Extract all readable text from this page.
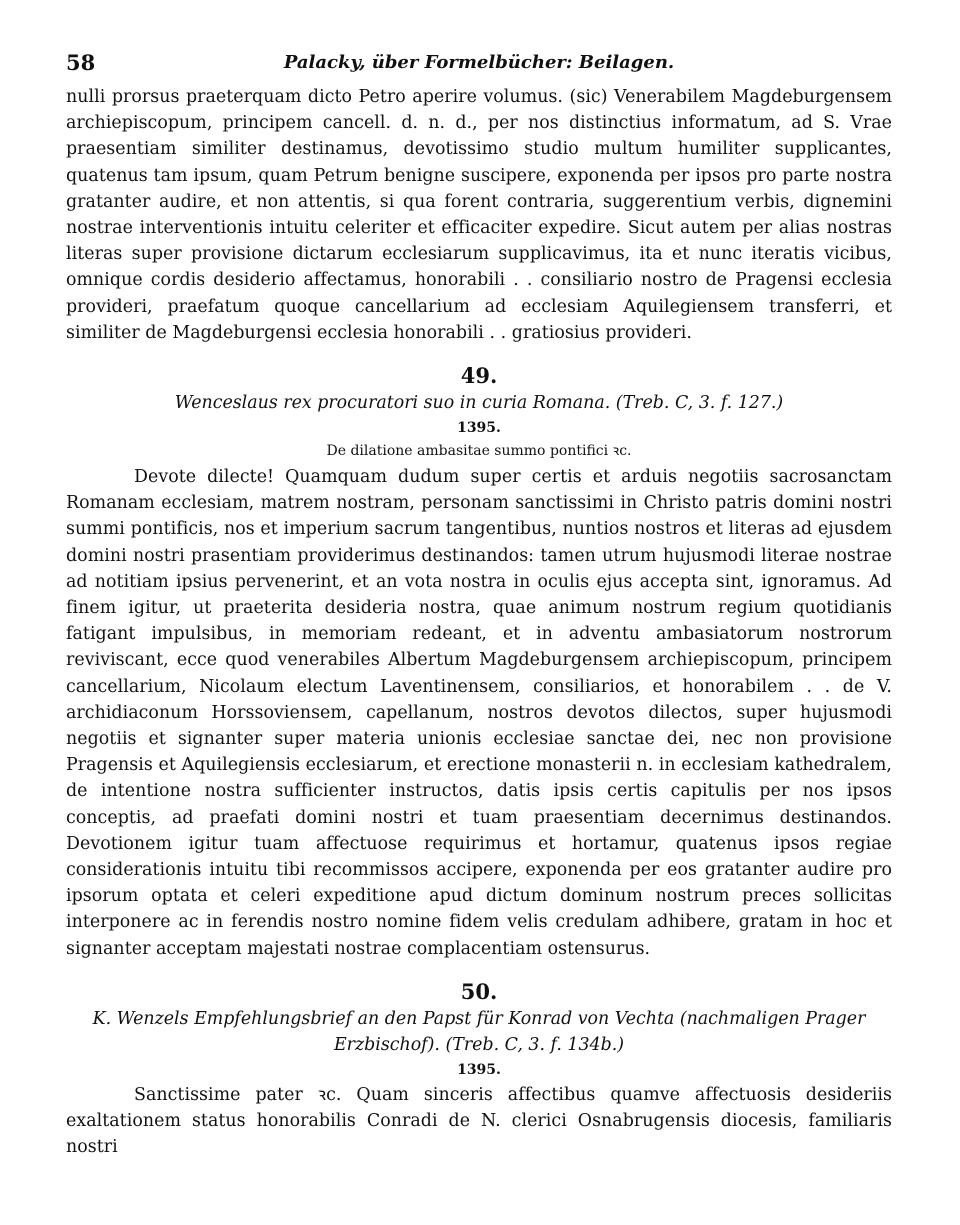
58	Palacky, über Formelbücher: Beilagen.

nulli prorsus praeterquam dicto Petro aperire volumus. (sic) Venerabilem Magdeburgensem archiepiscopum, principem cancell. d. n. d., per nos distinctius informatum, ad S. Vrae praesentiam similiter destinamus, devotissimo studio multum humiliter supplicantes, quatenus tam ipsum, quam Petrum benigne suscipere, exponenda per ipsos pro parte nostra gratanter audire, et non attentis, si qua forent contraria, suggerentium verbis, dignemini nostrae interventionis intuitu celeriter et efficaciter expedire. Sicut autem per alias nostras literas super provisione dictarum ecclesiarum supplicavimus, ita et nunc iteratis vicibus, omnique cordis desiderio affectamus, honorabili . . consiliario nostro de Pragensi ecclesia provideri, praefatum quoque cancellarium ad ecclesiam Aquilegiensem transferri, et similiter de Magdeburgensi ecclesia honorabili . . gratiosius provideri.

49.
Wenceslaus rex procuratori suo in curia Romana. (Treb. C, 3. f. 127.)
1395.
De dilatione ambasitae summo pontifici ꝛc.

Devote dilecte! Quamquam dudum super certis et arduis negotiis sacrosanctam Romanam ecclesiam, matrem nostram, personam sanctissimi in Christo patris domini nostri summi pontificis, nos et imperium sacrum tangentibus, nuntios nostros et literas ad ejusdem domini nostri prasentiam providerimus destinandos: tamen utrum hujusmodi literae nostrae ad notitiam ipsius pervenerint, et an vota nostra in oculis ejus accepta sint, ignoramus. Ad finem igitur, ut praeterita desideria nostra, quae animum nostrum regium quotidianis fatigant impulsibus, in memoriam redeant, et in adventu ambasiatorum nostrorum reviviscant, ecce quod venerabiles Albertum Magdeburgensem archiepiscopum, principem cancellarium, Nicolaum electum Laventinensem, consiliarios, et honorabilem . . de V. archidiaconum Horssoviensem, capellanum, nostros devotos dilectos, super hujusmodi negotiis et signanter super materia unionis ecclesiae sanctae dei, nec non provisione Pragensis et Aquilegiensis ecclesiarum, et erectione monasterii n. in ecclesiam kathedralem, de intentione nostra sufficienter instructos, datis ipsis certis capitulis per nos ipsos conceptis, ad praefati domini nostri et tuam praesentiam decernimus destinandos. Devotionem igitur tuam affectuose requirimus et hortamur, quatenus ipsos regiae considerationis intuitu tibi recommissos accipere, exponenda per eos gratanter audire pro ipsorum optata et celeri expeditione apud dictum dominum nostrum preces sollicitas interponere ac in ferendis nostro nomine fidem velis credulam adhibere, gratam in hoc et signanter acceptam majestati nostrae complacentiam ostensurus.

50.
K. Wenzels Empfehlungsbrief an den Papst für Konrad von Vechta (nachmaligen Prager Erzbischof). (Treb. C, 3. f. 134b.)
1395.

Sanctissime pater ꝛc. Quam sinceris affectibus quamve affectuosis desideriis exaltationem status honorabilis Conradi de N. clerici Osnabrugensis diocesis, familiaris nostri
